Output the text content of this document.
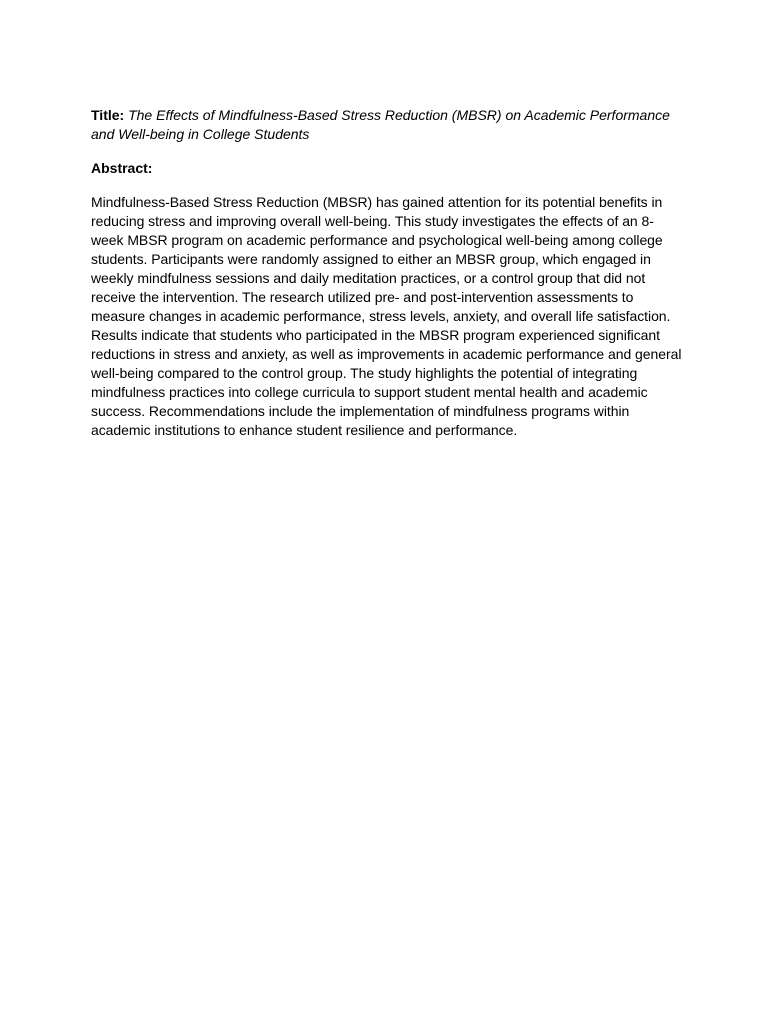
Title: The Effects of Mindfulness-Based Stress Reduction (MBSR) on Academic Performance and Well-being in College Students

Abstract:

Mindfulness-Based Stress Reduction (MBSR) has gained attention for its potential benefits in reducing stress and improving overall well-being. This study investigates the effects of an 8-week MBSR program on academic performance and psychological well-being among college students. Participants were randomly assigned to either an MBSR group, which engaged in weekly mindfulness sessions and daily meditation practices, or a control group that did not receive the intervention. The research utilized pre- and post-intervention assessments to measure changes in academic performance, stress levels, anxiety, and overall life satisfaction. Results indicate that students who participated in the MBSR program experienced significant reductions in stress and anxiety, as well as improvements in academic performance and general well-being compared to the control group. The study highlights the potential of integrating mindfulness practices into college curricula to support student mental health and academic success. Recommendations include the implementation of mindfulness programs within academic institutions to enhance student resilience and performance.
